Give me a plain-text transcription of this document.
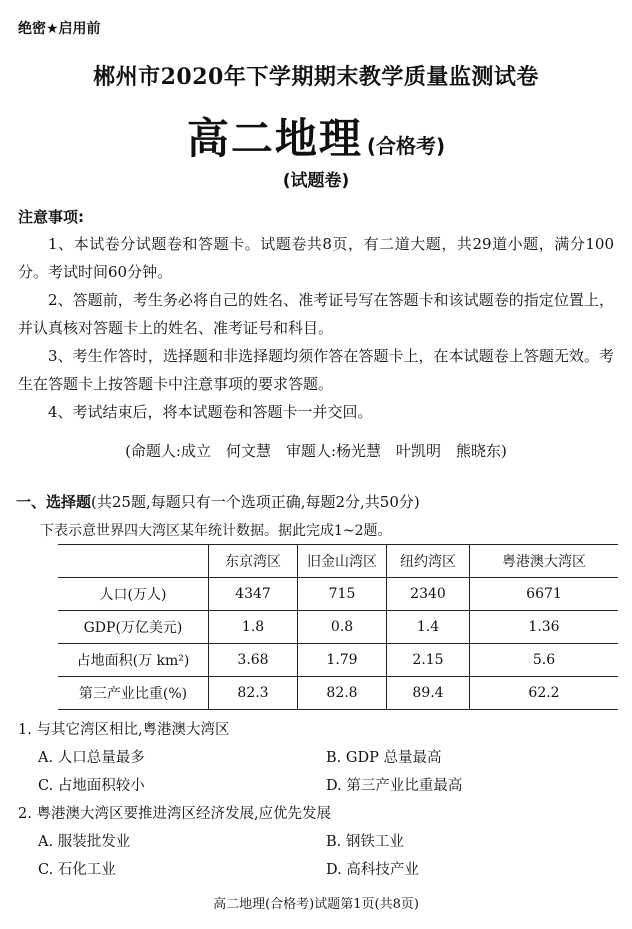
绝密★启用前
郴州市2020年下学期期末教学质量监测试卷
高二地理 (合格考)
(试题卷)
注意事项:
1、本试卷分试题卷和答题卡。试题卷共8页，有二道大题，共29道小题，满分100分。考试时间60分钟。
2、答题前，考生务必将自己的姓名、准考证号写在答题卡和该试题卷的指定位置上，并认真核对答题卡上的姓名、准考证号和科目。
3、考生作答时，选择题和非选择题均须作答在答题卡上，在本试题卷上答题无效。考生在答题卡上按答题卡中注意事项的要求答题。
4、考试结束后，将本试题卷和答题卡一并交回。
(命题人:成立　何文慧　审题人:杨光慧　叶凯明　熊晓东)
一、选择题(共25题,每题只有一个选项正确,每题2分,共50分)
下表示意世界四大湾区某年统计数据。据此完成1~2题。
	东京湾区	旧金山湾区	纽约湾区	粤港澳大湾区
人口(万人)	4347	715	2340	6671
GDP(万亿美元)	1.8	0.8	1.4	1.36
占地面积(万 km²)	3.68	1.79	2.15	5.6
第三产业比重(%)	82.3	82.8	89.4	62.2
1. 与其它湾区相比,粤港澳大湾区
A. 人口总量最多	B. GDP 总量最高
C. 占地面积较小	D. 第三产业比重最高
2. 粤港澳大湾区要推进湾区经济发展,应优先发展
A. 服装批发业	B. 钢铁工业
C. 石化工业	D. 高科技产业
高二地理(合格考)试题第1页(共8页)
